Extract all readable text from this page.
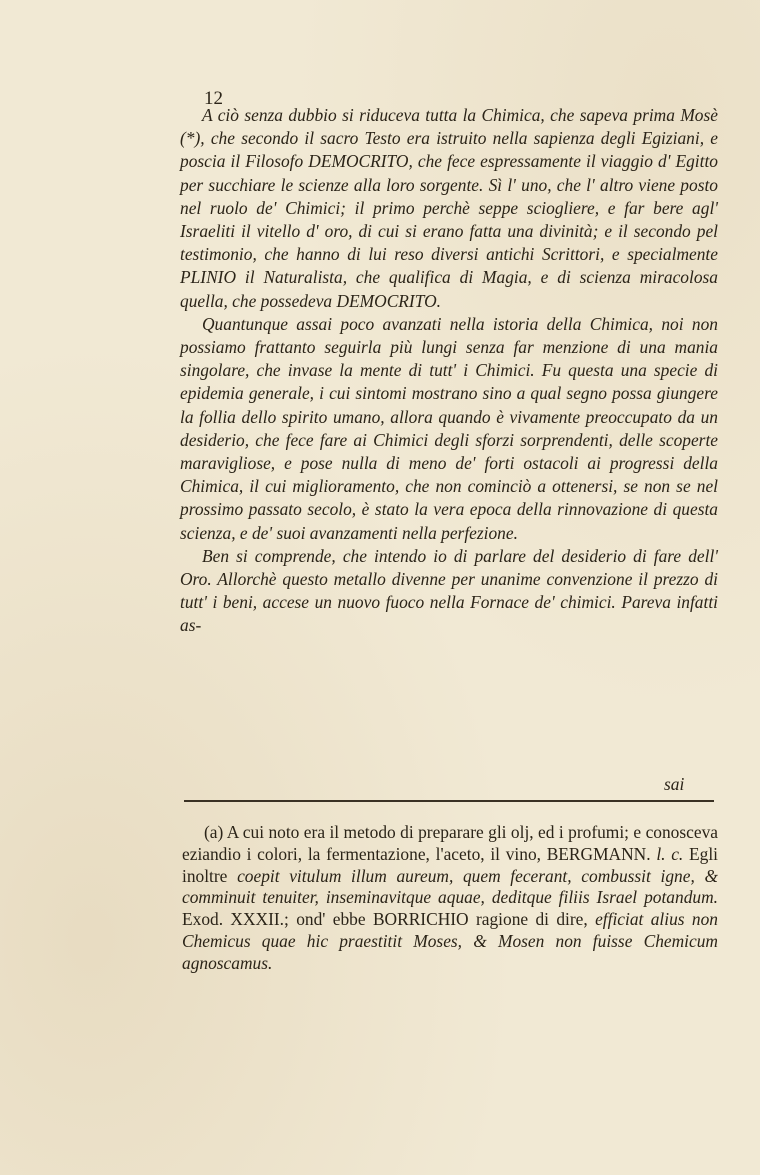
12

A ciò senza dubbio si riduceva tutta la Chimica, che sapeva prima Mosè (*), che secondo il sacro Testo era istruito nella sapienza degli Egiziani, e poscia il Filosofo DEMOCRITO, che fece espressamente il viaggio d' Egitto per succhiare le scienze alla loro sorgente. Sì l' uno, che l' altro viene posto nel ruolo de' Chimici; il primo perchè seppe sciogliere, e far bere agl' Israeliti il vitello d' oro, di cui si erano fatta una divinità; e il secondo pel testimonio, che hanno di lui reso diversi antichi Scrittori, e specialmente PLINIO il Naturalista, che qualifica di Magia, e di scienza miracolosa quella, che possedeva DEMOCRITO.

Quantunque assai poco avanzati nella istoria della Chimica, noi non possiamo frattanto seguirla più lungi senza far menzione di una mania singolare, che invase la mente di tutt' i Chimici. Fu questa una specie di epidemia generale, i cui sintomi mostrano sino a qual segno possa giungere la follia dello spirito umano, allora quando è vivamente preoccupato da un desiderio, che fece fare ai Chimici degli sforzi sorprendenti, delle scoperte maravigliose, e pose nulla di meno de' forti ostacoli ai progressi della Chimica, il cui miglioramento, che non cominciò a ottenersi, se non se nel prossimo passato secolo, è stato la vera epoca della rinnovazione di questa scienza, e de' suoi avanzamenti nella perfezione.

Ben si comprende, che intendo io di parlare del desiderio di fare dell' Oro. Allorchè questo metallo divenne per unanime convenzione il prezzo di tutt' i beni, accese un nuovo fuoco nella Fornace de' chimici. Pareva infatti as-

sai
(a) A cui noto era il metodo di preparare gli olj, ed i profumi; e conosceva eziandio i colori, la fermentazione, l'aceto, il vino, BERGMANN. l. c. Egli inoltre coepit vitulum illum aureum, quem fecerant, combussit igne, & comminuit tenuiter, inseminavitque aquae, deditque filiis Israel potandum. Exod. XXXII.; ond' ebbe BORRICHIO ragione di dire, efficiat alius non Chemicus quae hic praestitit Moses, & Mosen non fuisse Chemicum agnoscamus.
